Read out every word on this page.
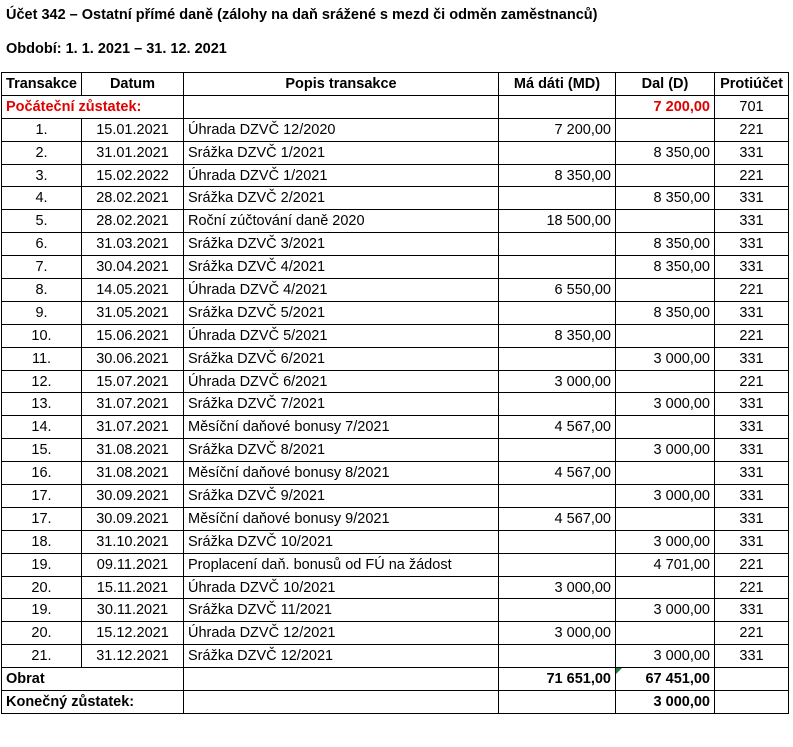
Účet 342 – Ostatní přímé daně (zálohy na daň srážené s mezd či odměn zaměstnanců)
Období: 1. 1. 2021 – 31. 12. 2021
Transakce	Datum	Popis transakce	Má dáti (MD)	Dal (D)	Protiúčet
Počáteční zůstatek:				7 200,00	701
1.	15.01.2021	Úhrada DZVČ 12/2020	7 200,00		221
2.	31.01.2021	Srážka DZVČ 1/2021		8 350,00	331
3.	15.02.2022	Úhrada DZVČ 1/2021	8 350,00		221
4.	28.02.2021	Srážka DZVČ 2/2021		8 350,00	331
5.	28.02.2021	Roční zúčtování daně 2020	18 500,00		331
6.	31.03.2021	Srážka DZVČ 3/2021		8 350,00	331
7.	30.04.2021	Srážka DZVČ 4/2021		8 350,00	331
8.	14.05.2021	Úhrada DZVČ 4/2021	6 550,00		221
9.	31.05.2021	Srážka DZVČ 5/2021		8 350,00	331
10.	15.06.2021	Úhrada DZVČ 5/2021	8 350,00		221
11.	30.06.2021	Srážka DZVČ 6/2021		3 000,00	331
12.	15.07.2021	Úhrada DZVČ 6/2021	3 000,00		221
13.	31.07.2021	Srážka DZVČ 7/2021		3 000,00	331
14.	31.07.2021	Měsíční daňové bonusy 7/2021	4 567,00		331
15.	31.08.2021	Srážka DZVČ 8/2021		3 000,00	331
16.	31.08.2021	Měsíční daňové bonusy 8/2021	4 567,00		331
17.	30.09.2021	Srážka DZVČ 9/2021		3 000,00	331
17.	30.09.2021	Měsíční daňové bonusy 9/2021	4 567,00		331
18.	31.10.2021	Srážka DZVČ 10/2021		3 000,00	331
19.	09.11.2021	Proplacení daň. bonusů od FÚ na žádost		4 701,00	221
20.	15.11.2021	Úhrada DZVČ 10/2021	3 000,00		221
19.	30.11.2021	Srážka DZVČ 11/2021		3 000,00	331
20.	15.12.2021	Úhrada DZVČ 12/2021	3 000,00		221
21.	31.12.2021	Srážka DZVČ 12/2021		3 000,00	331
Obrat			71 651,00	67 451,00	
Konečný zůstatek:				3 000,00	
